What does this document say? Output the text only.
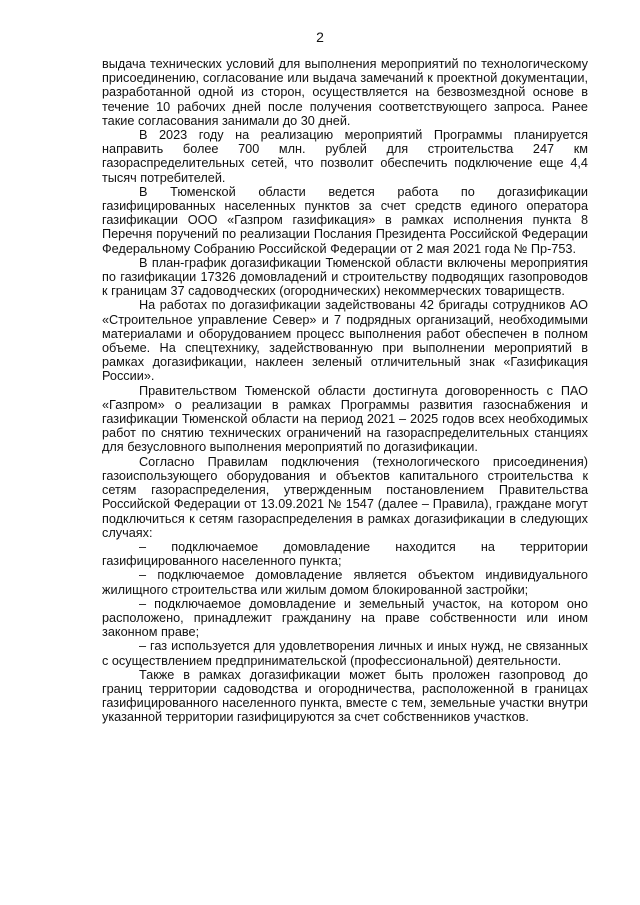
2

выдача технических условий для выполнения мероприятий по технологическому присоединению, согласование или выдача замечаний к проектной документации, разработанной одной из сторон, осуществляется на безвозмездной основе в течение 10 рабочих дней после получения соответствующего запроса. Ранее такие согласования занимали до 30 дней.

В 2023 году на реализацию мероприятий Программы планируется направить более 700 млн. рублей для строительства 247 км газораспределительных сетей, что позволит обеспечить подключение еще 4,4 тысяч потребителей.

В Тюменской области ведется работа по догазификации газифицированных населенных пунктов за счет средств единого оператора газификации ООО «Газпром газификация» в рамках исполнения пункта 8 Перечня поручений по реализации Послания Президента Российской Федерации Федеральному Собранию Российской Федерации от 2 мая 2021 года № Пр-753.

В план-график догазификации Тюменской области включены мероприятия по газификации 17326 домовладений и строительству подводящих газопроводов к границам 37 садоводческих (огороднических) некоммерческих товариществ.

На работах по догазификации задействованы 42 бригады сотрудников АО «Строительное управление Север» и 7 подрядных организаций, необходимыми материалами и оборудованием процесс выполнения работ обеспечен в полном объеме. На спецтехнику, задействованную при выполнении мероприятий в рамках догазификации, наклеен зеленый отличительный знак «Газификация России».

Правительством Тюменской области достигнута договоренность с ПАО «Газпром» о реализации в рамках Программы развития газоснабжения и газификации Тюменской области на период 2021 – 2025 годов всех необходимых работ по снятию технических ограничений на газораспределительных станциях для безусловного выполнения мероприятий по догазификации.

Согласно Правилам подключения (технологического присоединения) газоиспользующего оборудования и объектов капитального строительства к сетям газораспределения, утвержденным постановлением Правительства Российской Федерации от 13.09.2021 № 1547 (далее – Правила), граждане могут подключиться к сетям газораспределения в рамках догазификации в следующих случаях:

– подключаемое домовладение находится на территории газифицированного населенного пункта;

– подключаемое домовладение является объектом индивидуального жилищного строительства или жилым домом блокированной застройки;

– подключаемое домовладение и земельный участок, на котором оно расположено, принадлежит гражданину на праве собственности или ином законном праве;

– газ используется для удовлетворения личных и иных нужд, не связанных с осуществлением предпринимательской (профессиональной) деятельности.

Также в рамках догазификации может быть проложен газопровод до границ территории садоводства и огородничества, расположенной в границах газифицированного населенного пункта, вместе с тем, земельные участки внутри указанной территории газифицируются за счет собственников участков.
